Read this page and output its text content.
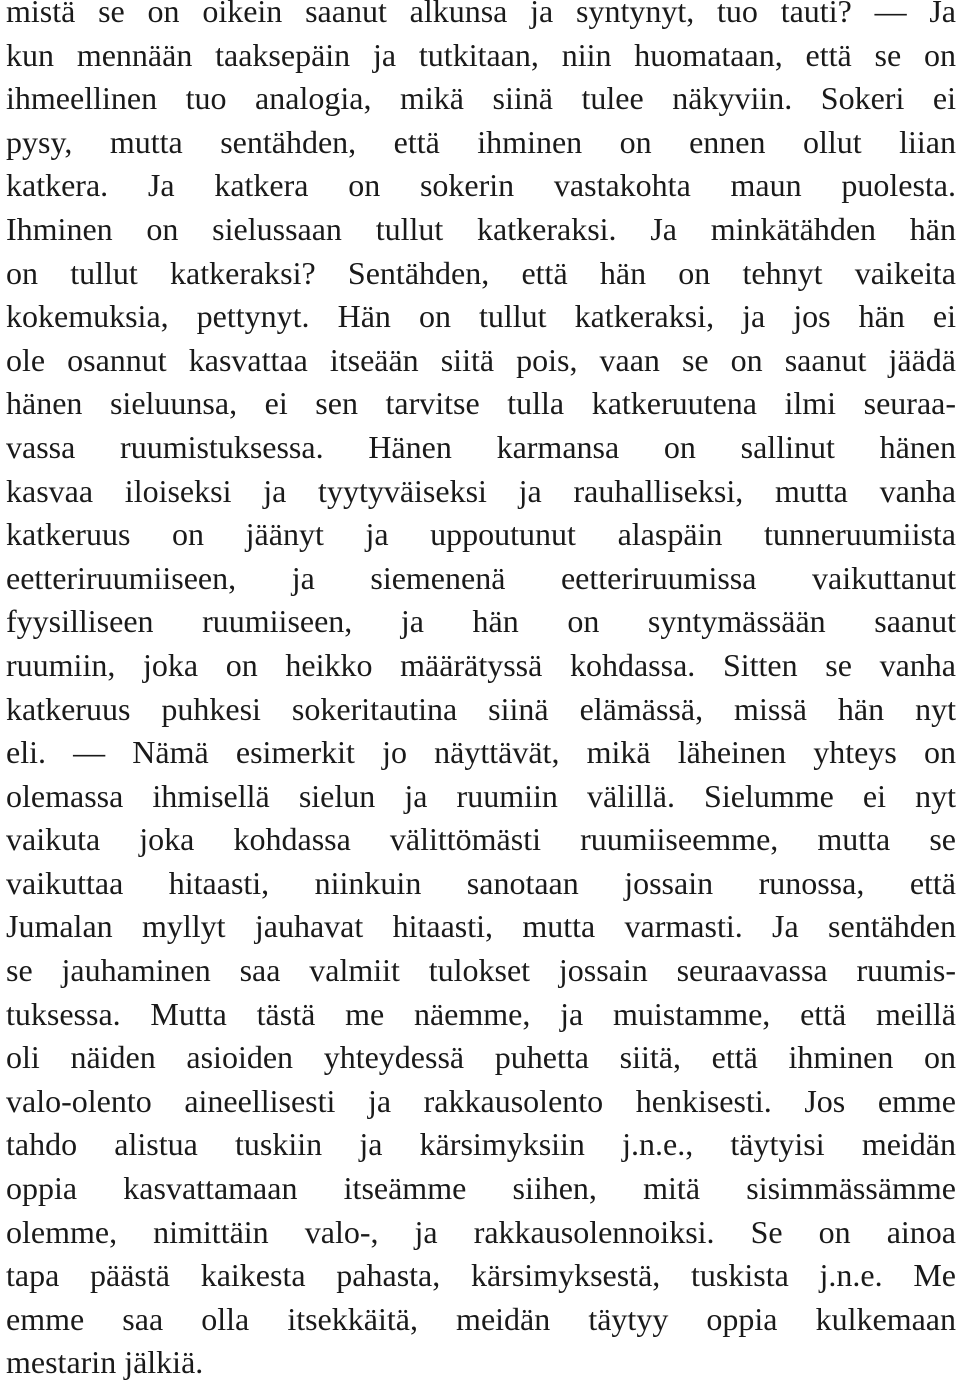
mistä se on oikein saanut alkunsa ja syntynyt, tuo tauti? — Ja
kun mennään taaksepäin ja tutkitaan, niin huomataan, että se on
ihmeellinen tuo analogia, mikä siinä tulee näkyviin. Sokeri ei
pysy, mutta sentähden, että ihminen on ennen ollut liian
katkera. Ja katkera on sokerin vastakohta maun puolesta.
Ihminen on sielussaan tullut katkeraksi. Ja minkätähden hän
on tullut katkeraksi? Sentähden, että hän on tehnyt vaikeita
kokemuksia, pettynyt. Hän on tullut katkeraksi, ja jos hän ei
ole osannut kasvattaa itseään siitä pois, vaan se on saanut jäädä
hänen sieluunsa, ei sen tarvitse tulla katkeruutena ilmi seuraa-
vassa ruumistuksessa. Hänen karmansa on sallinut hänen
kasvaa iloiseksi ja tyytyväiseksi ja rauhalliseksi, mutta vanha
katkeruus on jäänyt ja uppoutunut alaspäin tunneruumiista
eetteriruumiiseen, ja siemenenä eetteriruumissa vaikuttanut
fyysilliseen ruumiiseen, ja hän on syntymässään saanut
ruumiin, joka on heikko määrätyssä kohdassa. Sitten se vanha
katkeruus puhkesi sokeritautina siinä elämässä, missä hän nyt
eli. — Nämä esimerkit jo näyttävät, mikä läheinen yhteys on
olemassa ihmisellä sielun ja ruumiin välillä. Sielumme ei nyt
vaikuta joka kohdassa välittömästi ruumiiseemme, mutta se
vaikuttaa hitaasti, niinkuin sanotaan jossain runossa, että
Jumalan myllyt jauhavat hitaasti, mutta varmasti. Ja sentähden
se jauhaminen saa valmiit tulokset jossain seuraavassa ruumis-
tuksessa. Mutta tästä me näemme, ja muistamme, että meillä
oli näiden asioiden yhteydessä puhetta siitä, että ihminen on
valo-olento aineellisesti ja rakkausolento henkisesti. Jos emme
tahdo alistua tuskiin ja kärsimyksiin j.n.e., täytyisi meidän
oppia kasvattamaan itseämme siihen, mitä sisimmässämme
olemme, nimittäin valo-, ja rakkausolennoiksi. Se on ainoa
tapa päästä kaikesta pahasta, kärsimyksestä, tuskista j.n.e. Me
emme saa olla itsekkäitä, meidän täytyy oppia kulkemaan
mestarin jälkiä.
